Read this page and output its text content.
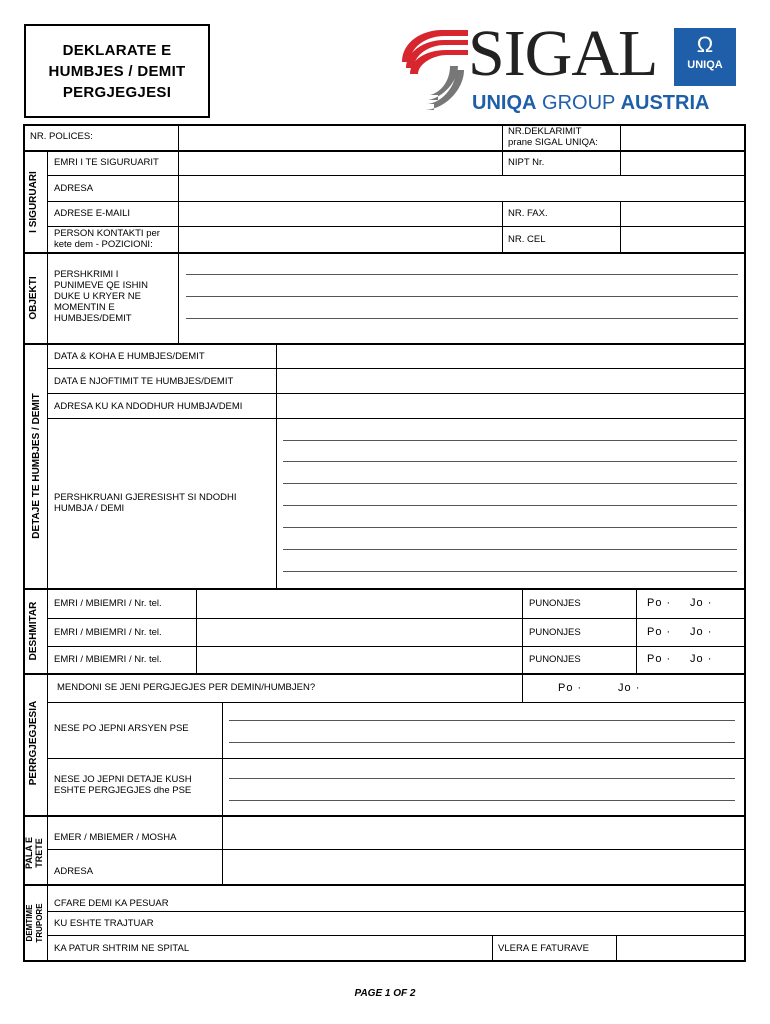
DEKLARATE E
HUMBJES / DEMIT
PERGJEGJESI
SIGAL	Ω
UNIQA
UNIQA GROUP AUSTRIA
NR. POLICES:	NR.DEKLARIMIT
prane SIGAL UNIQA:
I SIGURUARI
EMRI I TE SIGURUARIT	NIPT Nr.
ADRESA
ADRESE E-MAILI	NR. FAX.
PERSON KONTAKTI per
kete dem - POZICIONI:	NR. CEL
OBJEKTI
PERSHKRIMI I
PUNIMEVE QE ISHIN
DUKE U KRYER NE
MOMENTIN E
HUMBJES/DEMIT
DETAJE TE HUMBJES / DEMIT
DATA & KOHA E HUMBJES/DEMIT
DATA E NJOFTIMIT TE HUMBJES/DEMIT
ADRESA KU KA NDODHUR HUMBJA/DEMI
PERSHKRUANI GJERESISHT SI NDODHI
HUMBJA / DEMI
DESHMITAR EMRI / MBIEMRI / Nr. tel.	PUNONJES	Po · Jo ·
EMRI / MBIEMRI / Nr. tel.	PUNONJES	Po · Jo ·
EMRI / MBIEMRI / Nr. tel.	PUNONJES	Po · Jo ·
PERRGJEGJESIA
MENDONI SE JENI PERGJEGJES PER DEMIN/HUMBJEN?	Po ·	Jo ·
NESE PO JEPNI ARSYEN PSE
NESE JO JEPNI DETAJE KUSH
ESHTE PERGJEGJES dhe PSE
PALA E
TRETE
EMER / MBIEMER / MOSHA
ADRESA
DEMTIME
TRUPORE CFARE DEMI KA PESUAR
KU ESHTE TRAJTUAR
KA PATUR SHTRIM NE SPITAL	VLERA E FATURAVE
PAGE 1 OF 2
